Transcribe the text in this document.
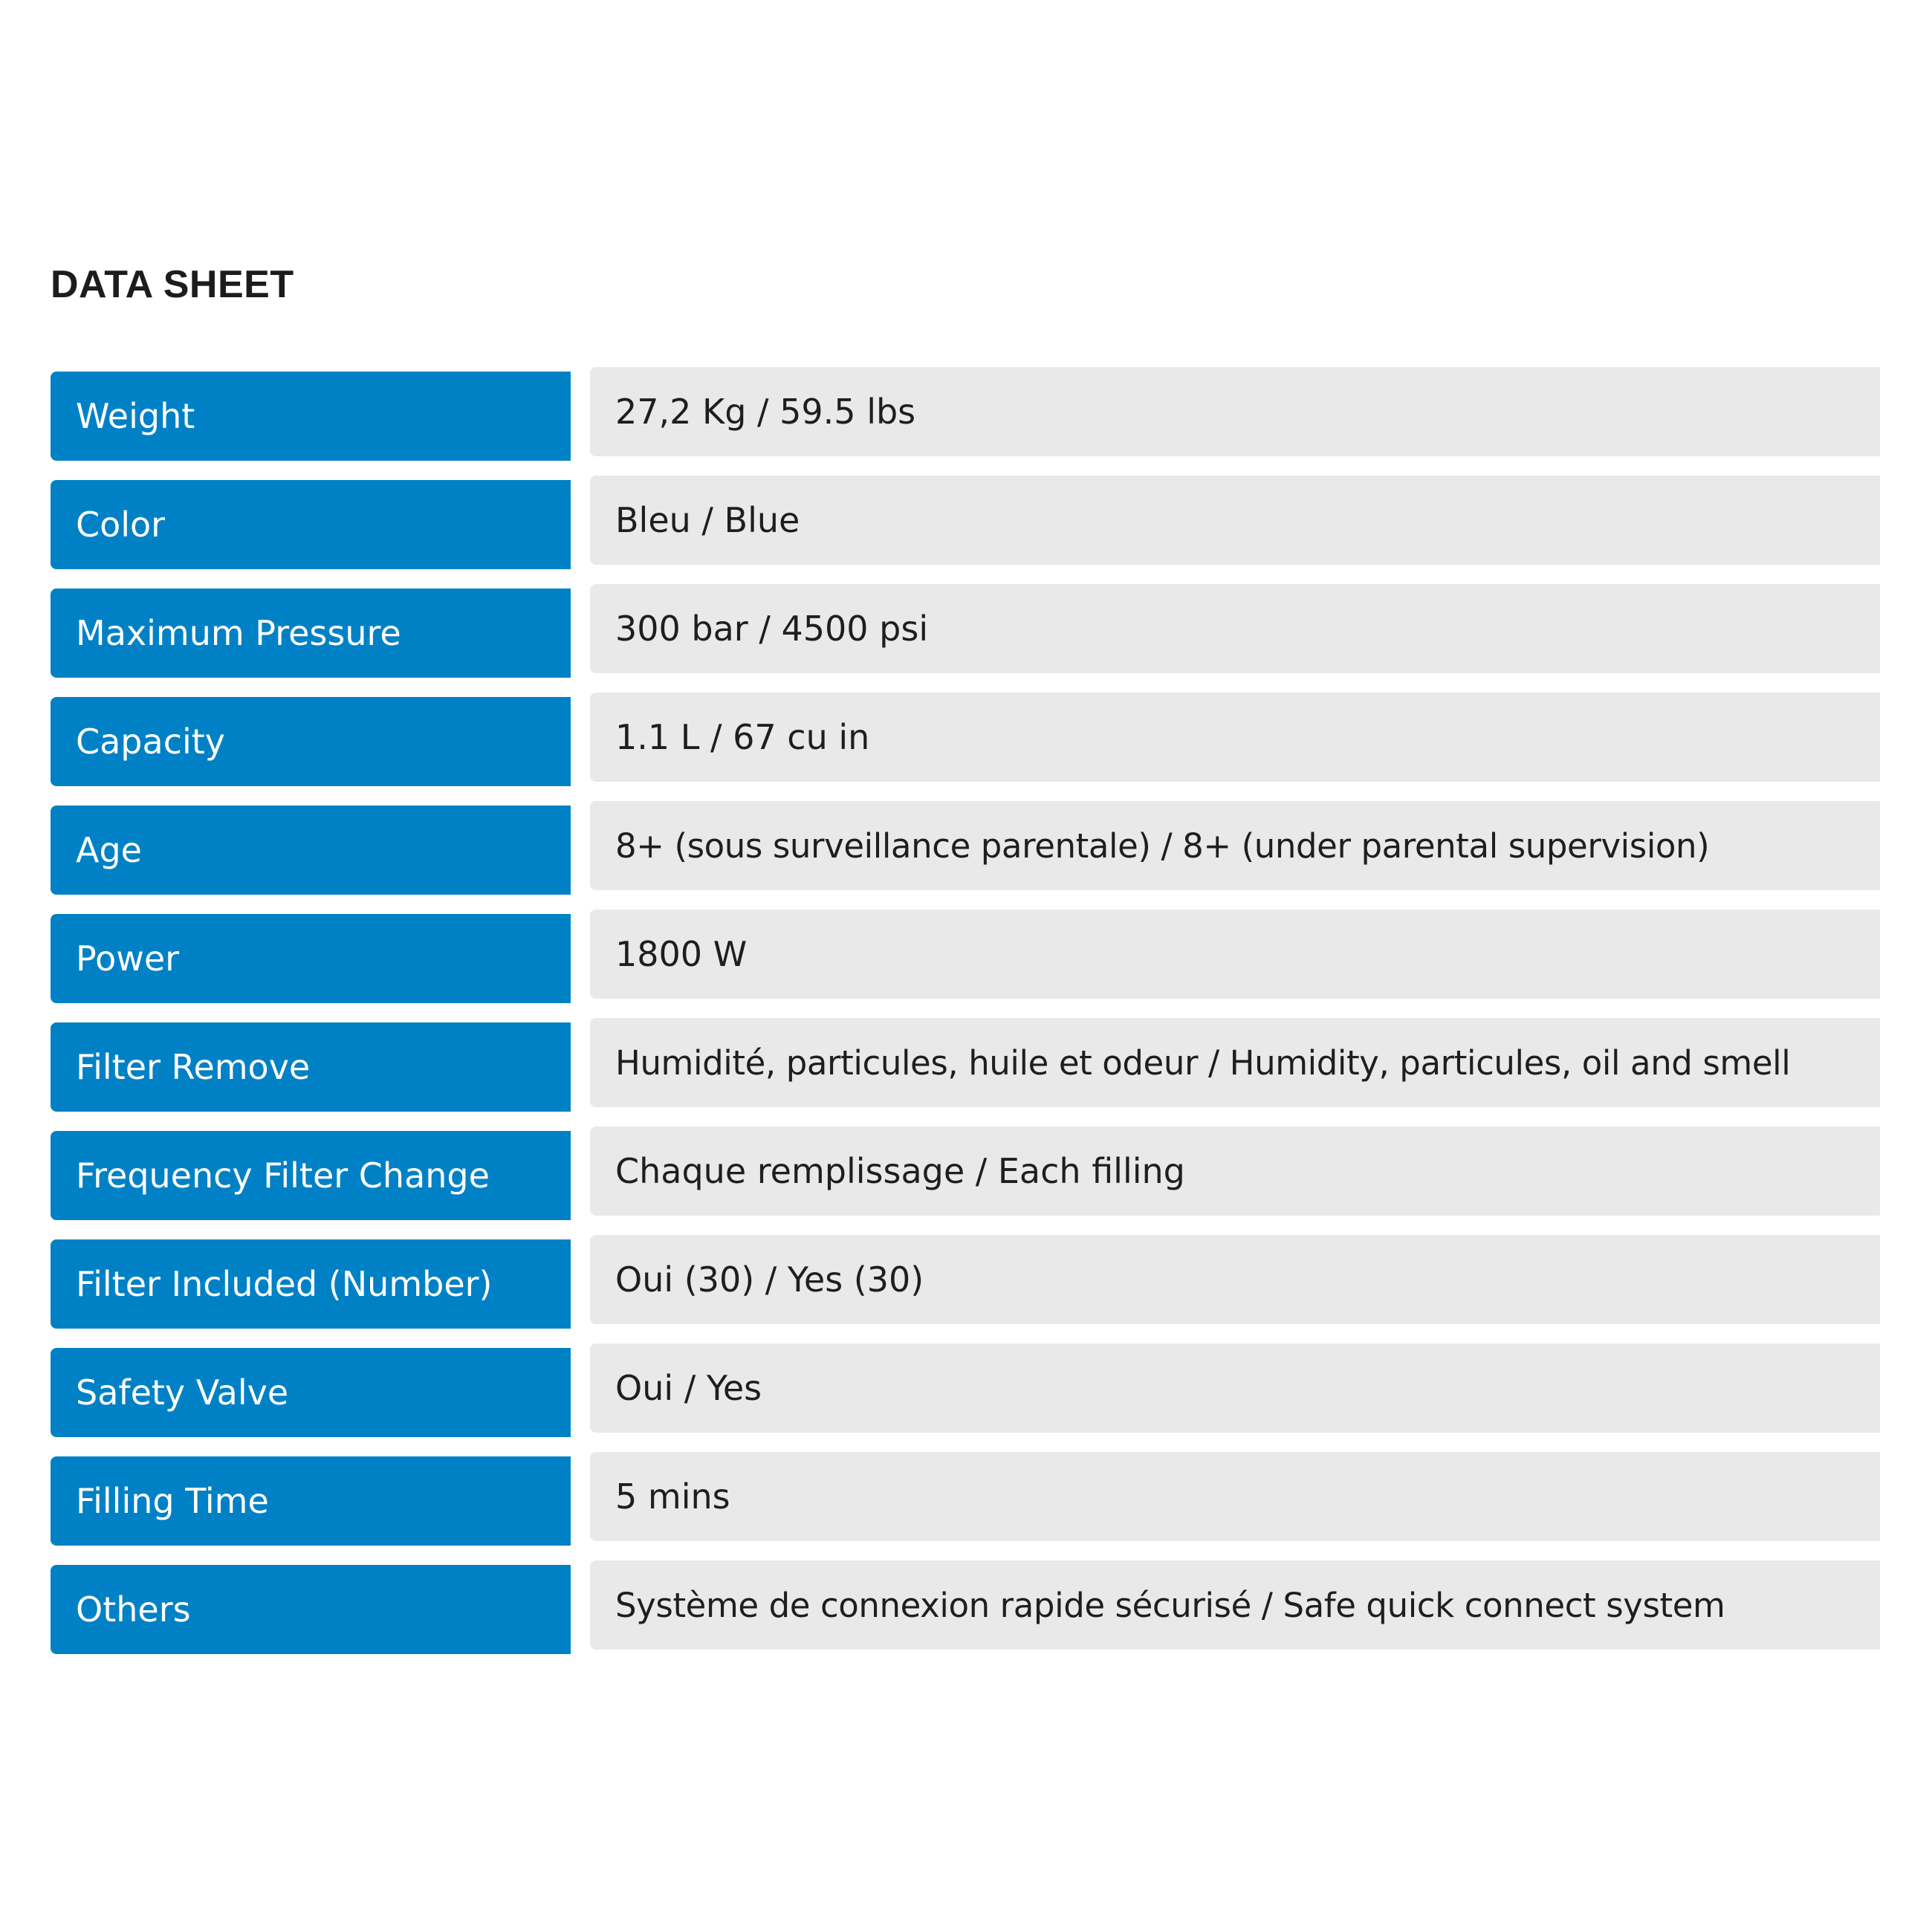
DATA SHEET
Weight	27,2 Kg / 59.5 lbs
Color	Bleu / Blue
Maximum Pressure	300 bar / 4500 psi
Capacity	1.1 L / 67 cu in
Age	8+ (sous surveillance parentale) / 8+ (under parental supervision)
Power	1800 W
Filter Remove	Humidité, particules, huile et odeur / Humidity, particules, oil and smell
Frequency Filter Change	Chaque remplissage / Each filling
Filter Included (Number)	Oui (30) / Yes (30)
Safety Valve	Oui / Yes
Filling Time	5 mins
Others	Système de connexion rapide sécurisé / Safe quick connect system
